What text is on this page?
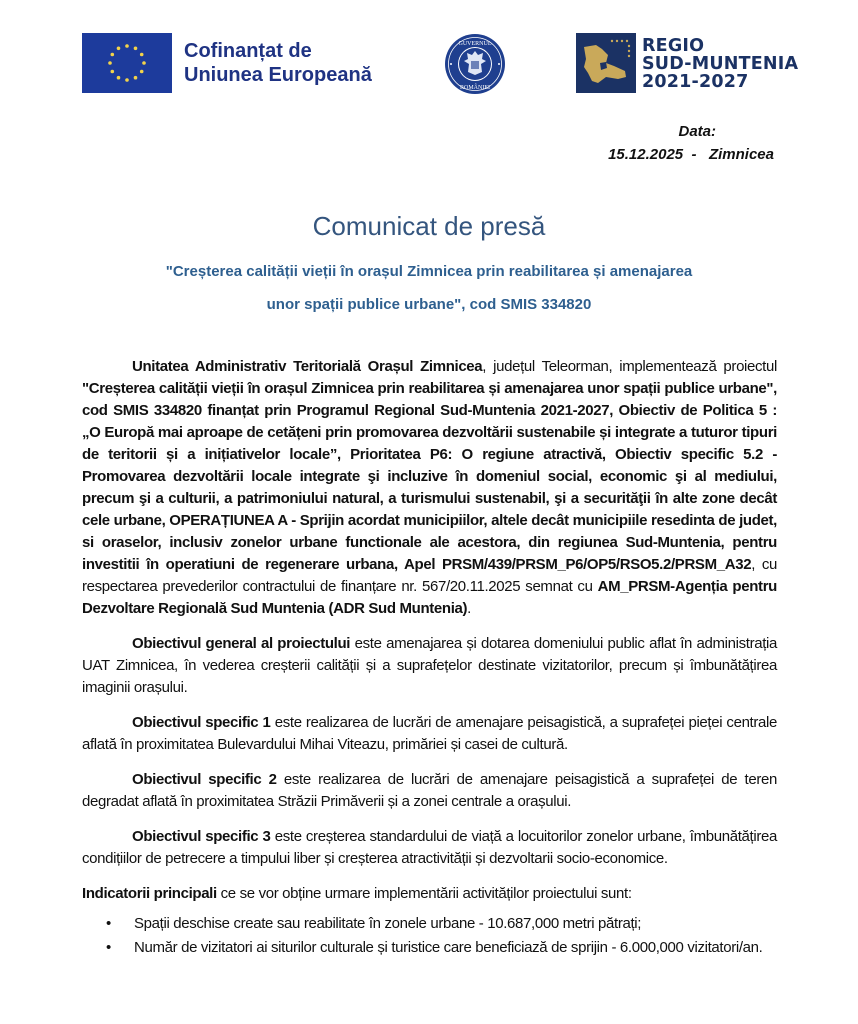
Cofinanțat de
Uniunea Europeană
GUVERNUL
ROMÂNIEI
REGIO
SUD-MUNTENIA
2021-2027
Data:
15.12.2025  -   Zimnicea
Comunicat de presă
"Creșterea calității vieții în orașul Zimnicea prin reabilitarea și amenajarea
unor spații publice urbane", cod SMIS 334820

Unitatea Administrativ Teritorială Orașul Zimnicea, județul Teleorman, implementează proiectul "Creșterea calității vieții în orașul Zimnicea prin reabilitarea și amenajarea unor spații publice urbane", cod SMIS 334820 finanțat prin Programul Regional Sud-Muntenia 2021-2027, Obiectiv de Politica 5 : „O Europă mai aproape de cetățeni prin promovarea dezvoltării sustenabile și integrate a tuturor tipuri de teritorii și a inițiativelor locale”, Prioritatea P6: O regiune atractivă, Obiectiv specific 5.2 - Promovarea dezvoltării locale integrate şi incluzive în domeniul social, economic şi al mediului, precum şi a culturii, a patrimoniului natural, a turismului sustenabil, şi a securităţii în alte zone decât cele urbane, OPERAȚIUNEA A - Sprijin acordat municipiilor, altele decât municipiile resedinta de judet, si oraselor, inclusiv zonelor urbane functionale ale acestora, din regiunea Sud-Muntenia, pentru investitii în operatiuni de regenerare urbana, Apel PRSM/439/PRSM_P6/OP5/RSO5.2/PRSM_A32, cu respectarea prevederilor contractului de finanțare nr. 567/20.11.2025 semnat cu AM_PRSM-Agenția pentru Dezvoltare Regională Sud Muntenia (ADR Sud Muntenia).

Obiectivul general al proiectului este amenajarea și dotarea domeniului public aflat în administrația UAT Zimnicea, în vederea creșterii calității și a suprafețelor destinate vizitatorilor, precum și îmbunătățirea imaginii orașului.

Obiectivul specific 1 este realizarea de lucrări de amenajare peisagistică, a suprafeței pieței centrale aflată în proximitatea Bulevardului Mihai Viteazu, primăriei și casei de cultură.

Obiectivul specific 2 este realizarea de lucrări de amenajare peisagistică a suprafeței de teren degradat aflată în proximitatea Străzii Primăverii și a zonei centrale a orașului.

Obiectivul specific 3 este creșterea standardului de viață a locuitorilor zonelor urbane, îmbunătățirea condițiilor de petrecere a timpului liber și creșterea atractivității și dezvoltarii socio-economice.

Indicatorii principali ce se vor obține urmare implementării activităților proiectului sunt:

• Spații deschise create sau reabilitate în zonele urbane - 10.687,000 metri pătrați;
• Număr de vizitatori ai siturilor culturale și turistice care beneficiază de sprijin - 6.000,000 vizitatori/an.
